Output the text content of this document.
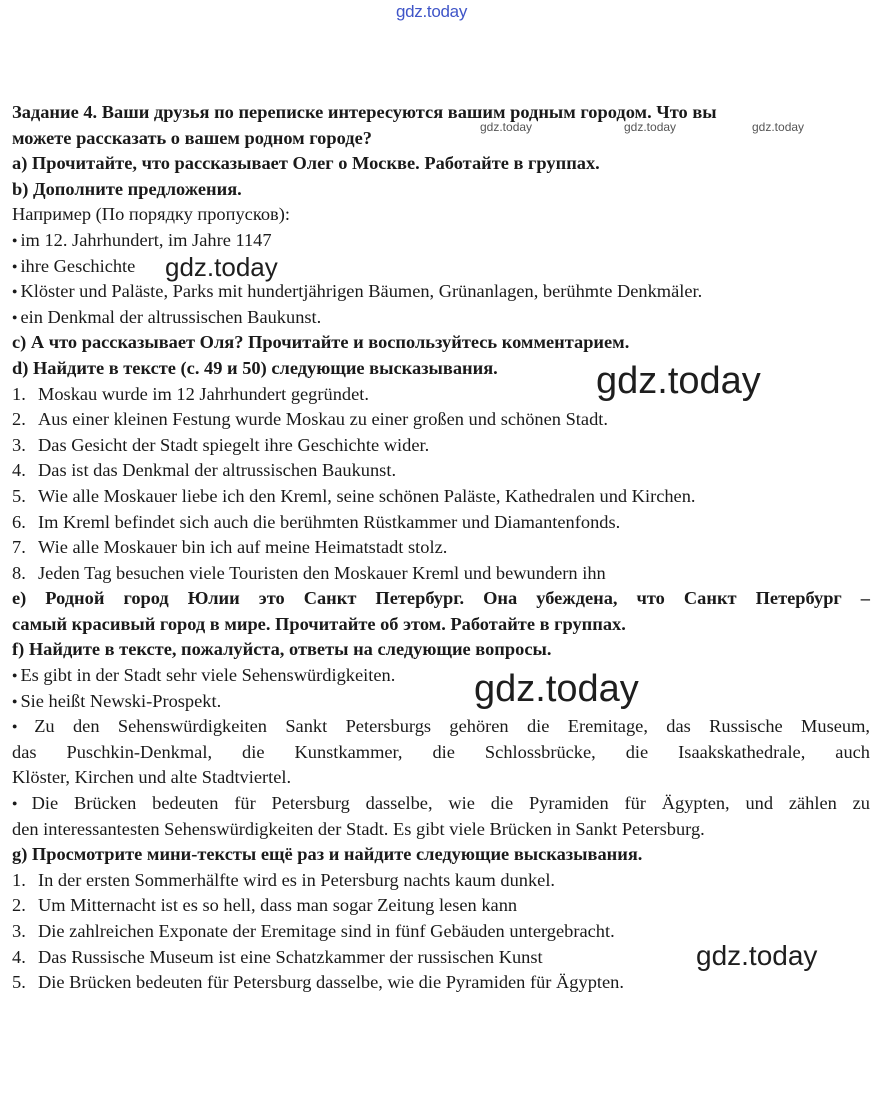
gdz.today
gdz.today
gdz.today
gdz.today
gdz.today
gdz.today	gdz.today	gdz.today
Задание 4. Ваши друзья по переписке интересуются вашим родным городом. Что вы
можете рассказать о вашем родном городе?
а) Прочитайте, что рассказывает Олег о Москве. Работайте в группах.
b) Дополните предложения.
Например (По порядку пропусков):
● im 12. Jahrhundert, im Jahre 1147
● ihre Geschichte
● Klöster und Paläste, Parks mit hundertjährigen Bäumen, Grünanlagen, berühmte Denkmäler.
● ein Denkmal der altrussischen Baukunst.
c) А что рассказывает Оля? Прочитайте и воспользуйтесь комментарием.
d) Найдите в тексте (с. 49 и 50) следующие высказывания.
1. Moskau wurde im 12 Jahrhundert gegründet.
2. Aus einer kleinen Festung wurde Moskau zu einer großen und schönen Stadt.
3. Das Gesicht der Stadt spiegelt ihre Geschichte wider.
4. Das ist das Denkmal der altrussischen Baukunst.
5. Wie alle Moskauer liebe ich den Kreml, seine schönen Paläste, Kathedralen und Kirchen.
6. Im Kreml befindet sich auch die berühmten Rüstkammer und Diamantenfonds.
7. Wie alle Moskauer bin ich auf meine Heimatstadt stolz.
8. Jeden Tag besuchen viele Touristen den Moskauer Kreml und bewundern ihn
е) Родной город Юлии это Санкт Петербург. Она убеждена, что Санкт Петербург –
самый красивый город в мире. Прочитайте об этом. Работайте в группах.
f) Найдите в тексте, пожалуйста, ответы на следующие вопросы.
● Es gibt in der Stadt sehr viele Sehenswürdigkeiten.
● Sie heißt Newski-Prospekt.
● Zu den Sehenswürdigkeiten Sankt Petersburgs gehören die Eremitage, das Russische Museum,
das Puschkin-Denkmal, die Kunstkammer, die Schlossbrücke, die Isaakskathedrale, auch
Klöster, Kirchen und alte Stadtviertel.
● Die Brücken bedeuten für Petersburg dasselbe, wie die Pyramiden für Ägypten, und zählen zu
den interessantesten Sehenswürdigkeiten der Stadt. Es gibt viele Brücken in Sankt Petersburg.
g) Просмотрите мини-тексты ещё раз и найдите следующие высказывания.
1. In der ersten Sommerhälfte wird es in Petersburg nachts kaum dunkel.
2. Um Mitternacht ist es so hell, dass man sogar Zeitung lesen kann
3. Die zahlreichen Exponate der Eremitage sind in fünf Gebäuden untergebracht.
4. Das Russische Museum ist eine Schatzkammer der russischen Kunst
5. Die Brücken bedeuten für Petersburg dasselbe, wie die Pyramiden für Ägypten.
